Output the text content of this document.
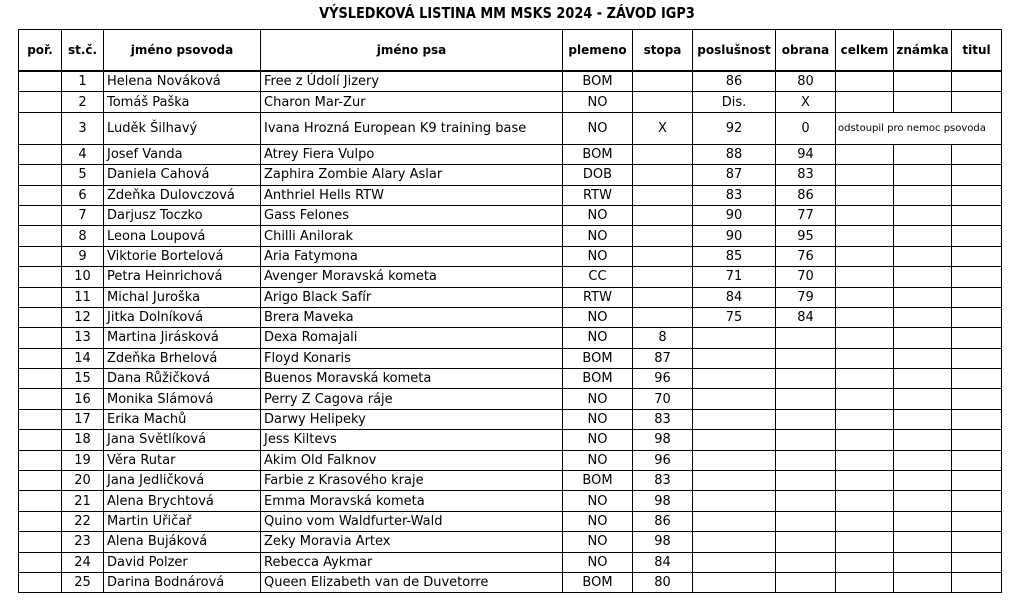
VÝSLEDKOVÁ LISTINA MM MSKS 2024 - ZÁVOD IGP3
poř.	st.č.	jméno psovoda	jméno psa	plemeno	stopa	poslušnost	obrana	celkem	známka	titul
	1	Helena Nováková	Free z Údolí Jizery	BOM		86	80			
	2	Tomáš Paška	Charon Mar-Zur	NO		Dis.	X			
	3	Luděk Šilhavý	Ivana Hrozná European K9 training base	NO	X	92	0	odstoupil pro nemoc psovoda		
	4	Josef Vanda	Atrey Fiera Vulpo	BOM		88	94			
	5	Daniela Cahová	Zaphira Zombie Alary Aslar	DOB		87	83			
	6	Zdeňka Dulovczová	Anthriel Hells RTW	RTW		83	86			
	7	Darjusz Toczko	Gass Felones	NO		90	77			
	8	Leona Loupová	Chilli Anilorak	NO		90	95			
	9	Viktorie Bortelová	Aria Fatymona	NO		85	76			
	10	Petra Heinrichová	Avenger Moravská kometa	CC		71	70			
	11	Michal Juroška	Arigo Black Safír	RTW		84	79			
	12	Jitka Dolníková	Brera Maveka	NO		75	84			
	13	Martina Jirásková	Dexa Romajali	NO	8					
	14	Zdeňka Brhelová	Floyd Konaris	BOM	87					
	15	Dana Růžičková	Buenos Moravská kometa	BOM	96					
	16	Monika Slámová	Perry Z Cagova ráje	NO	70					
	17	Erika Machů	Darwy Helipeky	NO	83					
	18	Jana Světlíková	Jess Kiltevs	NO	98					
	19	Věra Rutar	Akim Old Falknov	NO	96					
	20	Jana Jedličková	Farbie z Krasového kraje	BOM	83					
	21	Alena Brychtová	Emma Moravská kometa	NO	98					
	22	Martin Uřičař	Quino vom Waldfurter-Wald	NO	86					
	23	Alena Bujáková	Zeky Moravia Artex	NO	98					
	24	David Polzer	Rebecca Aykmar	NO	84					
	25	Darina Bodnárová	Queen Elizabeth van de Duvetorre	BOM	80					
